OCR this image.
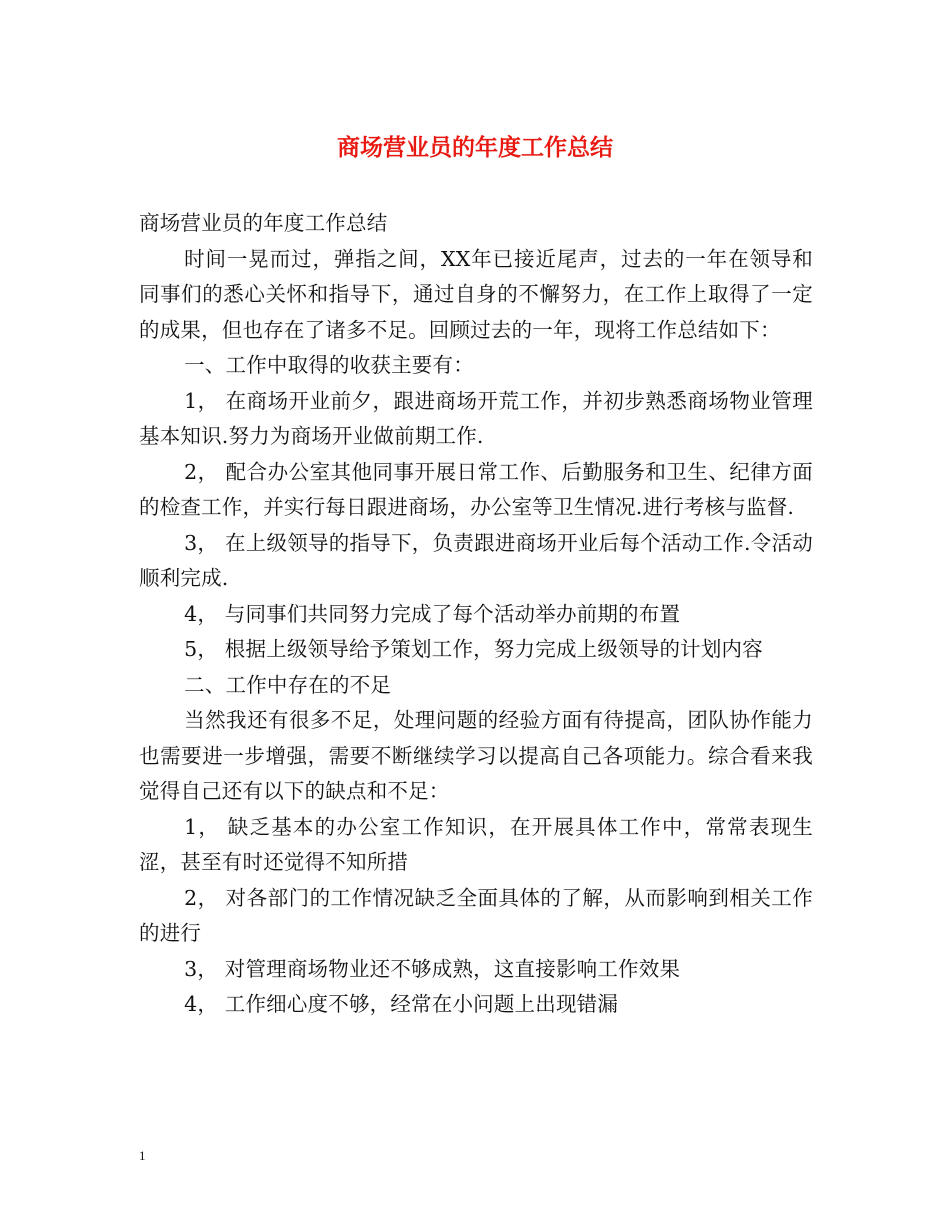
商场营业员的年度工作总结

商场营业员的年度工作总结

时间一晃而过，弹指之间，XX年已接近尾声，过去的一年在领导和同事们的悉心关怀和指导下，通过自身的不懈努力，在工作上取得了一定的成果，但也存在了诸多不足。回顾过去的一年，现将工作总结如下：

一、工作中取得的收获主要有：

1， 在商场开业前夕，跟进商场开荒工作，并初步熟悉商场物业管理基本知识.努力为商场开业做前期工作.

2， 配合办公室其他同事开展日常工作、后勤服务和卫生、纪律方面的检查工作，并实行每日跟进商场，办公室等卫生情况.进行考核与监督.

3， 在上级领导的指导下，负责跟进商场开业后每个活动工作.令活动顺利完成.

4， 与同事们共同努力完成了每个活动举办前期的布置

5， 根据上级领导给予策划工作，努力完成上级领导的计划内容

二、工作中存在的不足

当然我还有很多不足，处理问题的经验方面有待提高，团队协作能力也需要进一步增强，需要不断继续学习以提高自己各项能力。综合看来我觉得自己还有以下的缺点和不足：

1， 缺乏基本的办公室工作知识，在开展具体工作中，常常表现生涩，甚至有时还觉得不知所措

2， 对各部门的工作情况缺乏全面具体的了解，从而影响到相关工作的进行

3， 对管理商场物业还不够成熟，这直接影响工作效果

4， 工作细心度不够，经常在小问题上出现错漏

1
